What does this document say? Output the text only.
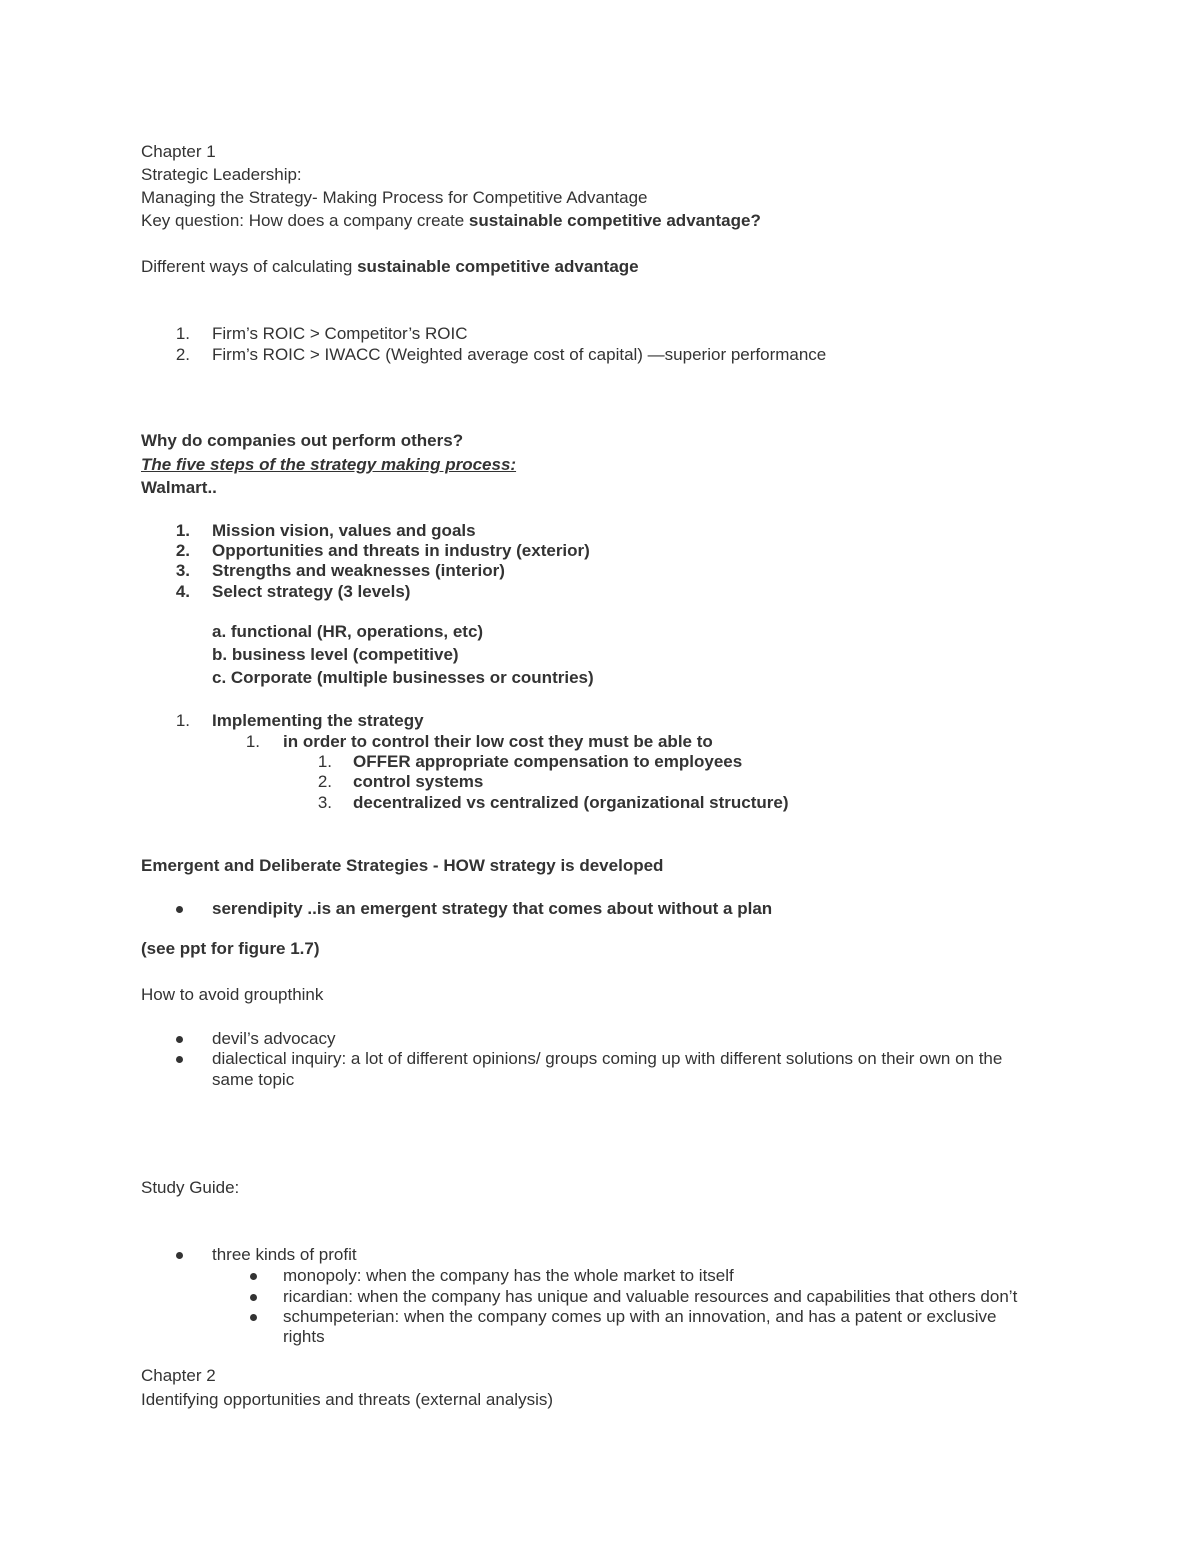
Chapter 1
Strategic Leadership:
Managing the Strategy- Making Process for Competitive Advantage
Key question: How does a company create sustainable competitive advantage?
Different ways of calculating sustainable competitive advantage
1. Firm’s ROIC > Competitor’s ROIC
2. Firm’s ROIC > IWACC (Weighted average cost of capital) —superior performance
Why do companies out perform others?
The five steps of the strategy making process:
Walmart..
1. Mission vision, values and goals
2. Opportunities and threats in industry (exterior)
3. Strengths and weaknesses (interior)
4. Select strategy (3 levels)
a. functional (HR, operations, etc)
b. business level (competitive)
c. Corporate (multiple businesses or countries)
1. Implementing the strategy
1. in order to control their low cost they must be able to
1. OFFER appropriate compensation to employees
2. control systems
3. decentralized vs centralized (organizational structure)
Emergent and Deliberate Strategies - HOW strategy is developed
serendipity ..is an emergent strategy that comes about without a plan
(see ppt for figure 1.7)
How to avoid groupthink
devil’s advocacy
dialectical inquiry: a lot of different opinions/ groups coming up with different solutions on their own on the
same topic
Study Guide:
three kinds of profit
monopoly: when the company has the whole market to itself
ricardian: when the company has unique and valuable resources and capabilities that others don’t
schumpeterian: when the company comes up with an innovation, and has a patent or exclusive
rights
Chapter 2
Identifying opportunities and threats (external analysis)
